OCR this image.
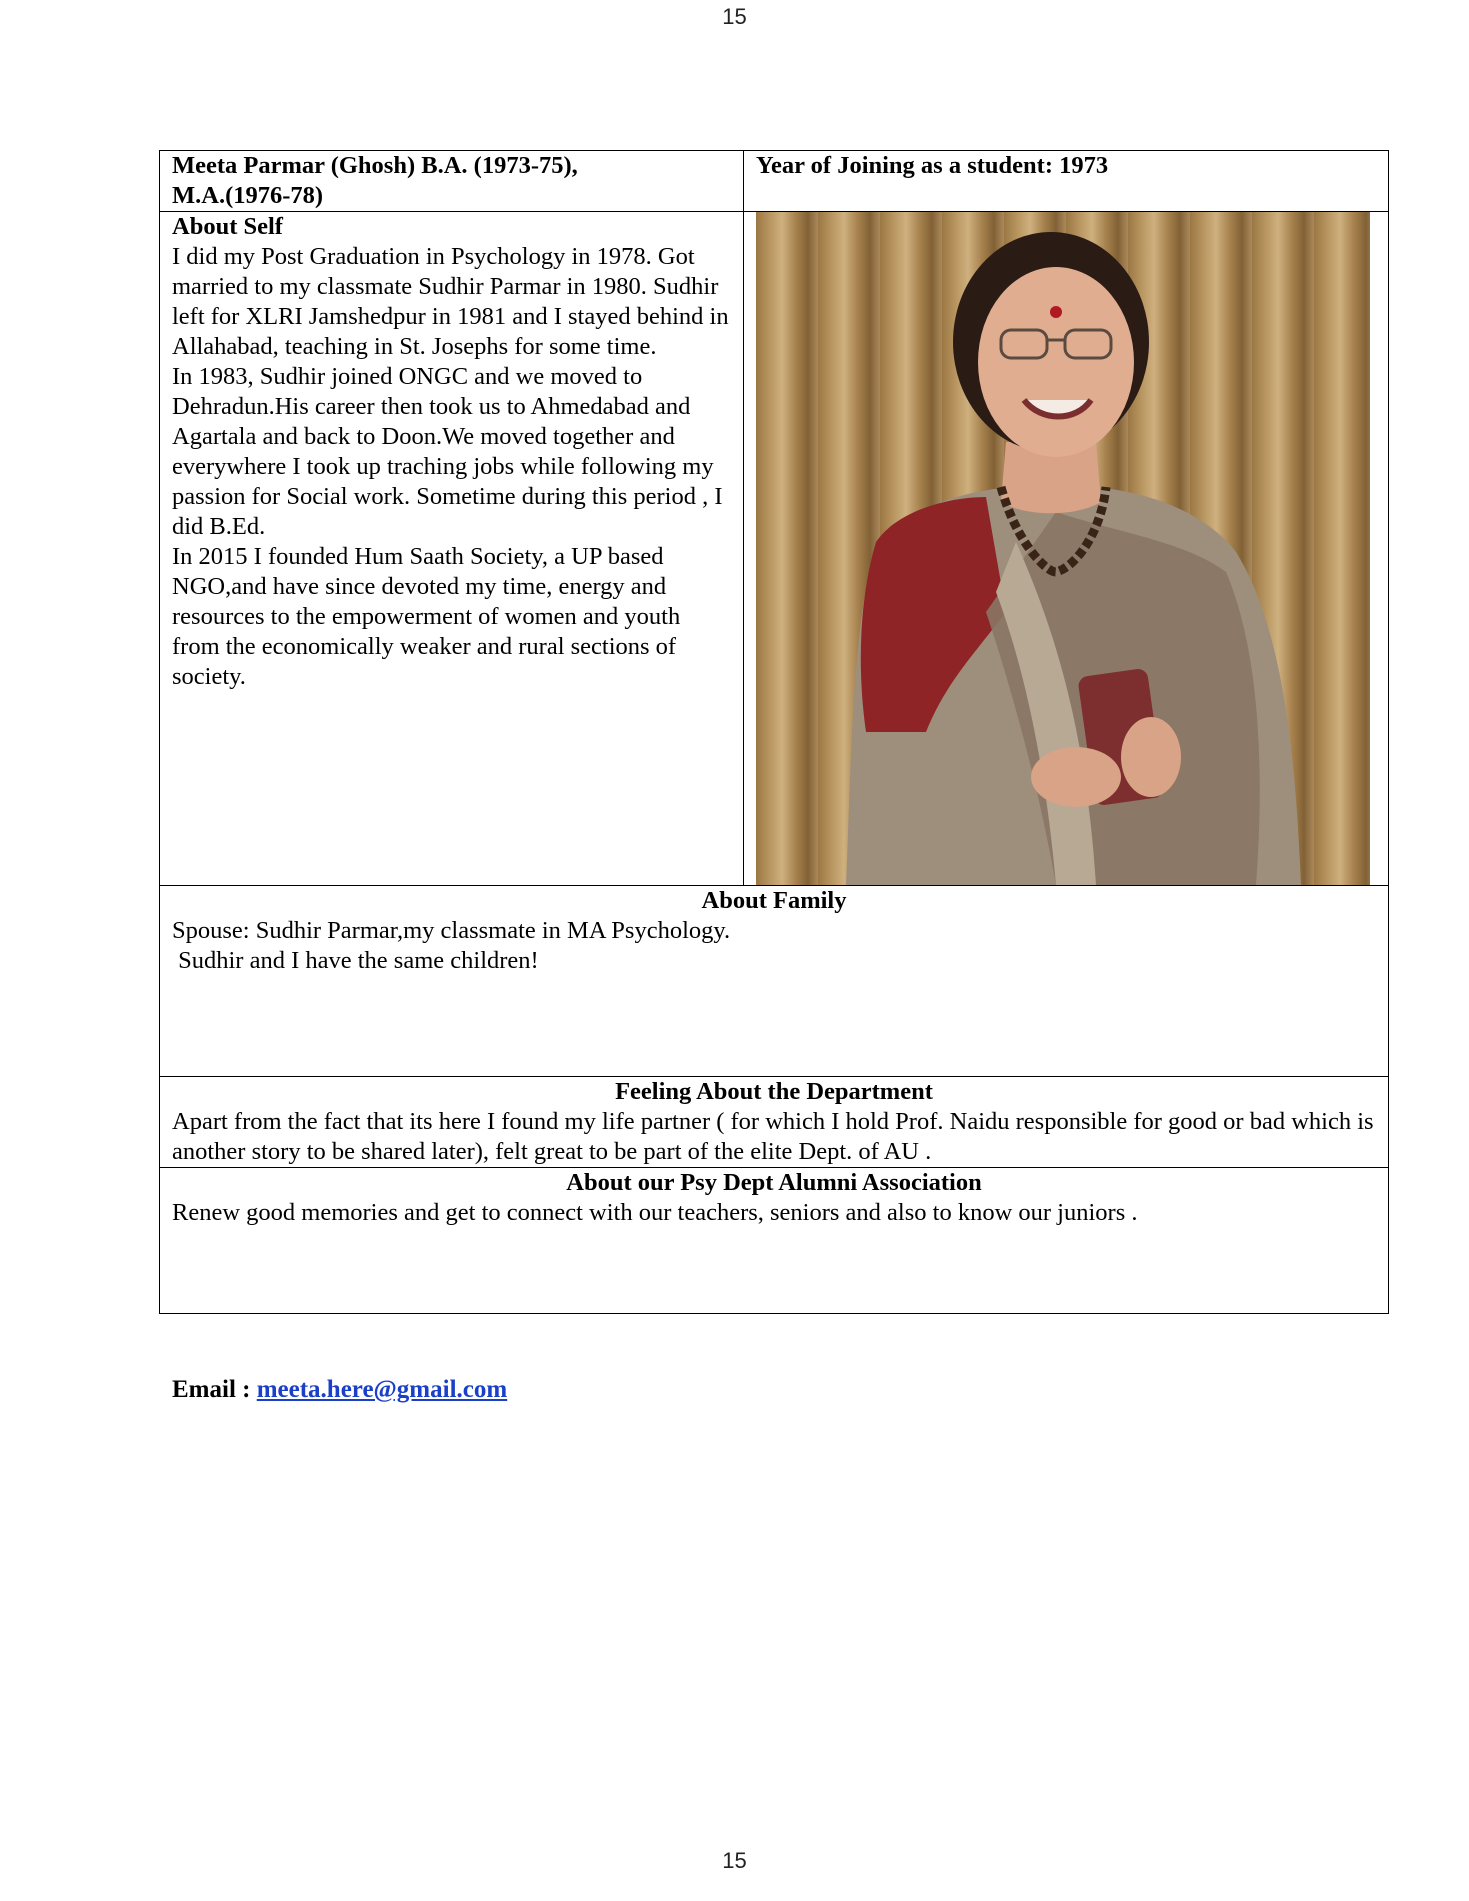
15
Meeta Parmar (Ghosh) B.A. (1973-75),
M.A.(1976-78)	Year of Joining as a student: 1973

About Self

I did my Post Graduation in Psychology in 1978. Got married to my classmate Sudhir Parmar in 1980. Sudhir left for XLRI Jamshedpur in 1981 and I stayed behind in Allahabad, teaching in St. Josephs for some time.

In 1983, Sudhir joined ONGC and we moved to Dehradun.His career then took us to Ahmedabad and Agartala and back to Doon.We moved together and everywhere I took up traching jobs while following my passion for Social work. Sometime during this period , I did B.Ed.

In 2015 I founded Hum Saath Society, a UP based NGO,and have since devoted my time, energy and resources to the empowerment of women and youth from the economically weaker and rural sections of society.

About Family
Spouse: Sudhir Parmar,my classmate in MA Psychology.
Sudhir and I have the same children!	

Feeling About the Department
Apart from the fact that its here I found my life partner ( for which I hold Prof. Naidu responsible for good or bad which is another story to be shared later), felt great to be part of the elite Dept. of AU .	

About our Psy Dept Alumni Association
Renew good memories and get to connect with our teachers, seniors and also to know our juniors .	
Email : meeta.here@gmail.com
15
